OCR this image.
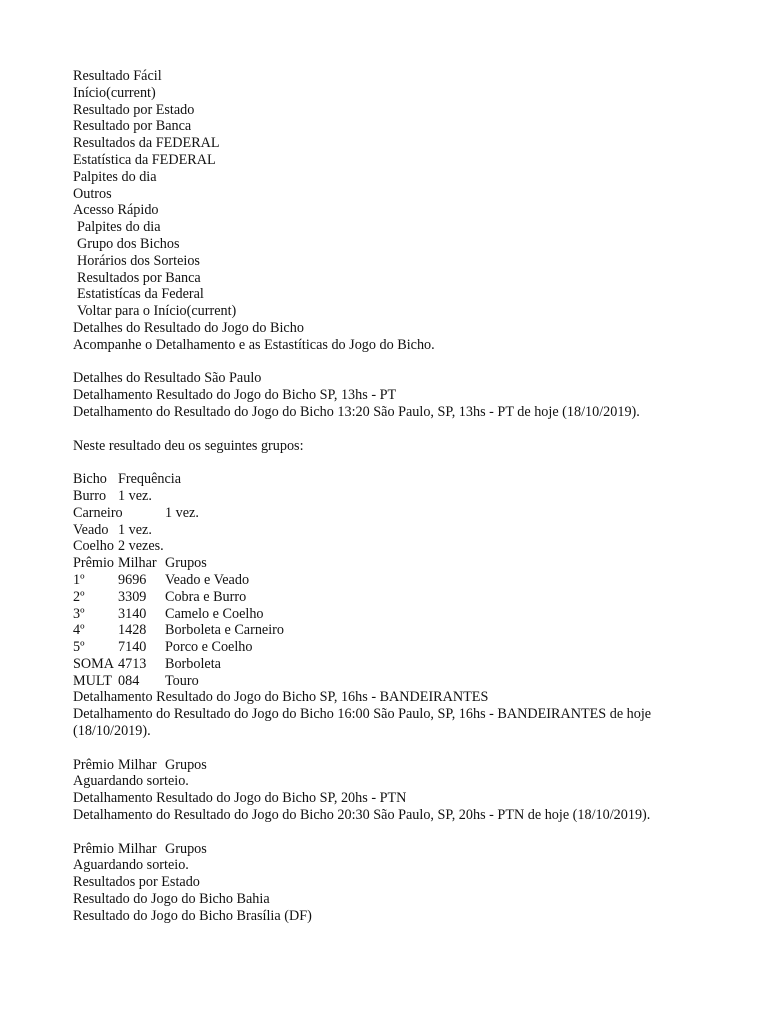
Resultado Fácil
Início(current)
Resultado por Estado
Resultado por Banca
Resultados da FEDERAL
Estatística da FEDERAL
Palpites do dia
Outros
Acesso Rápido
Palpites do dia
Grupo dos Bichos
Horários dos Sorteios
Resultados por Banca
Estatistícas da Federal
Voltar para o Início(current)
Detalhes do Resultado do Jogo do Bicho
Acompanhe o Detalhamento e as Estastíticas do Jogo do Bicho.
Detalhes do Resultado São Paulo
Detalhamento Resultado do Jogo do Bicho SP, 13hs - PT
Detalhamento do Resultado do Jogo do Bicho 13:20 São Paulo, SP, 13hs - PT de hoje (18/10/2019).
Neste resultado deu os seguintes grupos:
Bicho Frequência
Burro 1 vez.
Carneiro	1 vez.
Veado 1 vez.
Coelho 2 vezes.
Prêmio Milhar Grupos
1º	9696	Veado e Veado
2º	3309	Cobra e Burro
3º	3140	Camelo e Coelho
4º	1428	Borboleta e Carneiro
5º	7140	Porco e Coelho
SOMA 4713	Borboleta
MULT 084	Touro
Detalhamento Resultado do Jogo do Bicho SP, 16hs - BANDEIRANTES
Detalhamento do Resultado do Jogo do Bicho 16:00 São Paulo, SP, 16hs - BANDEIRANTES de hoje (18/10/2019).
Prêmio Milhar Grupos
Aguardando sorteio.
Detalhamento Resultado do Jogo do Bicho SP, 20hs - PTN
Detalhamento do Resultado do Jogo do Bicho 20:30 São Paulo, SP, 20hs - PTN de hoje (18/10/2019).
Prêmio Milhar Grupos
Aguardando sorteio.
Resultados por Estado
Resultado do Jogo do Bicho Bahia
Resultado do Jogo do Bicho Brasília (DF)
